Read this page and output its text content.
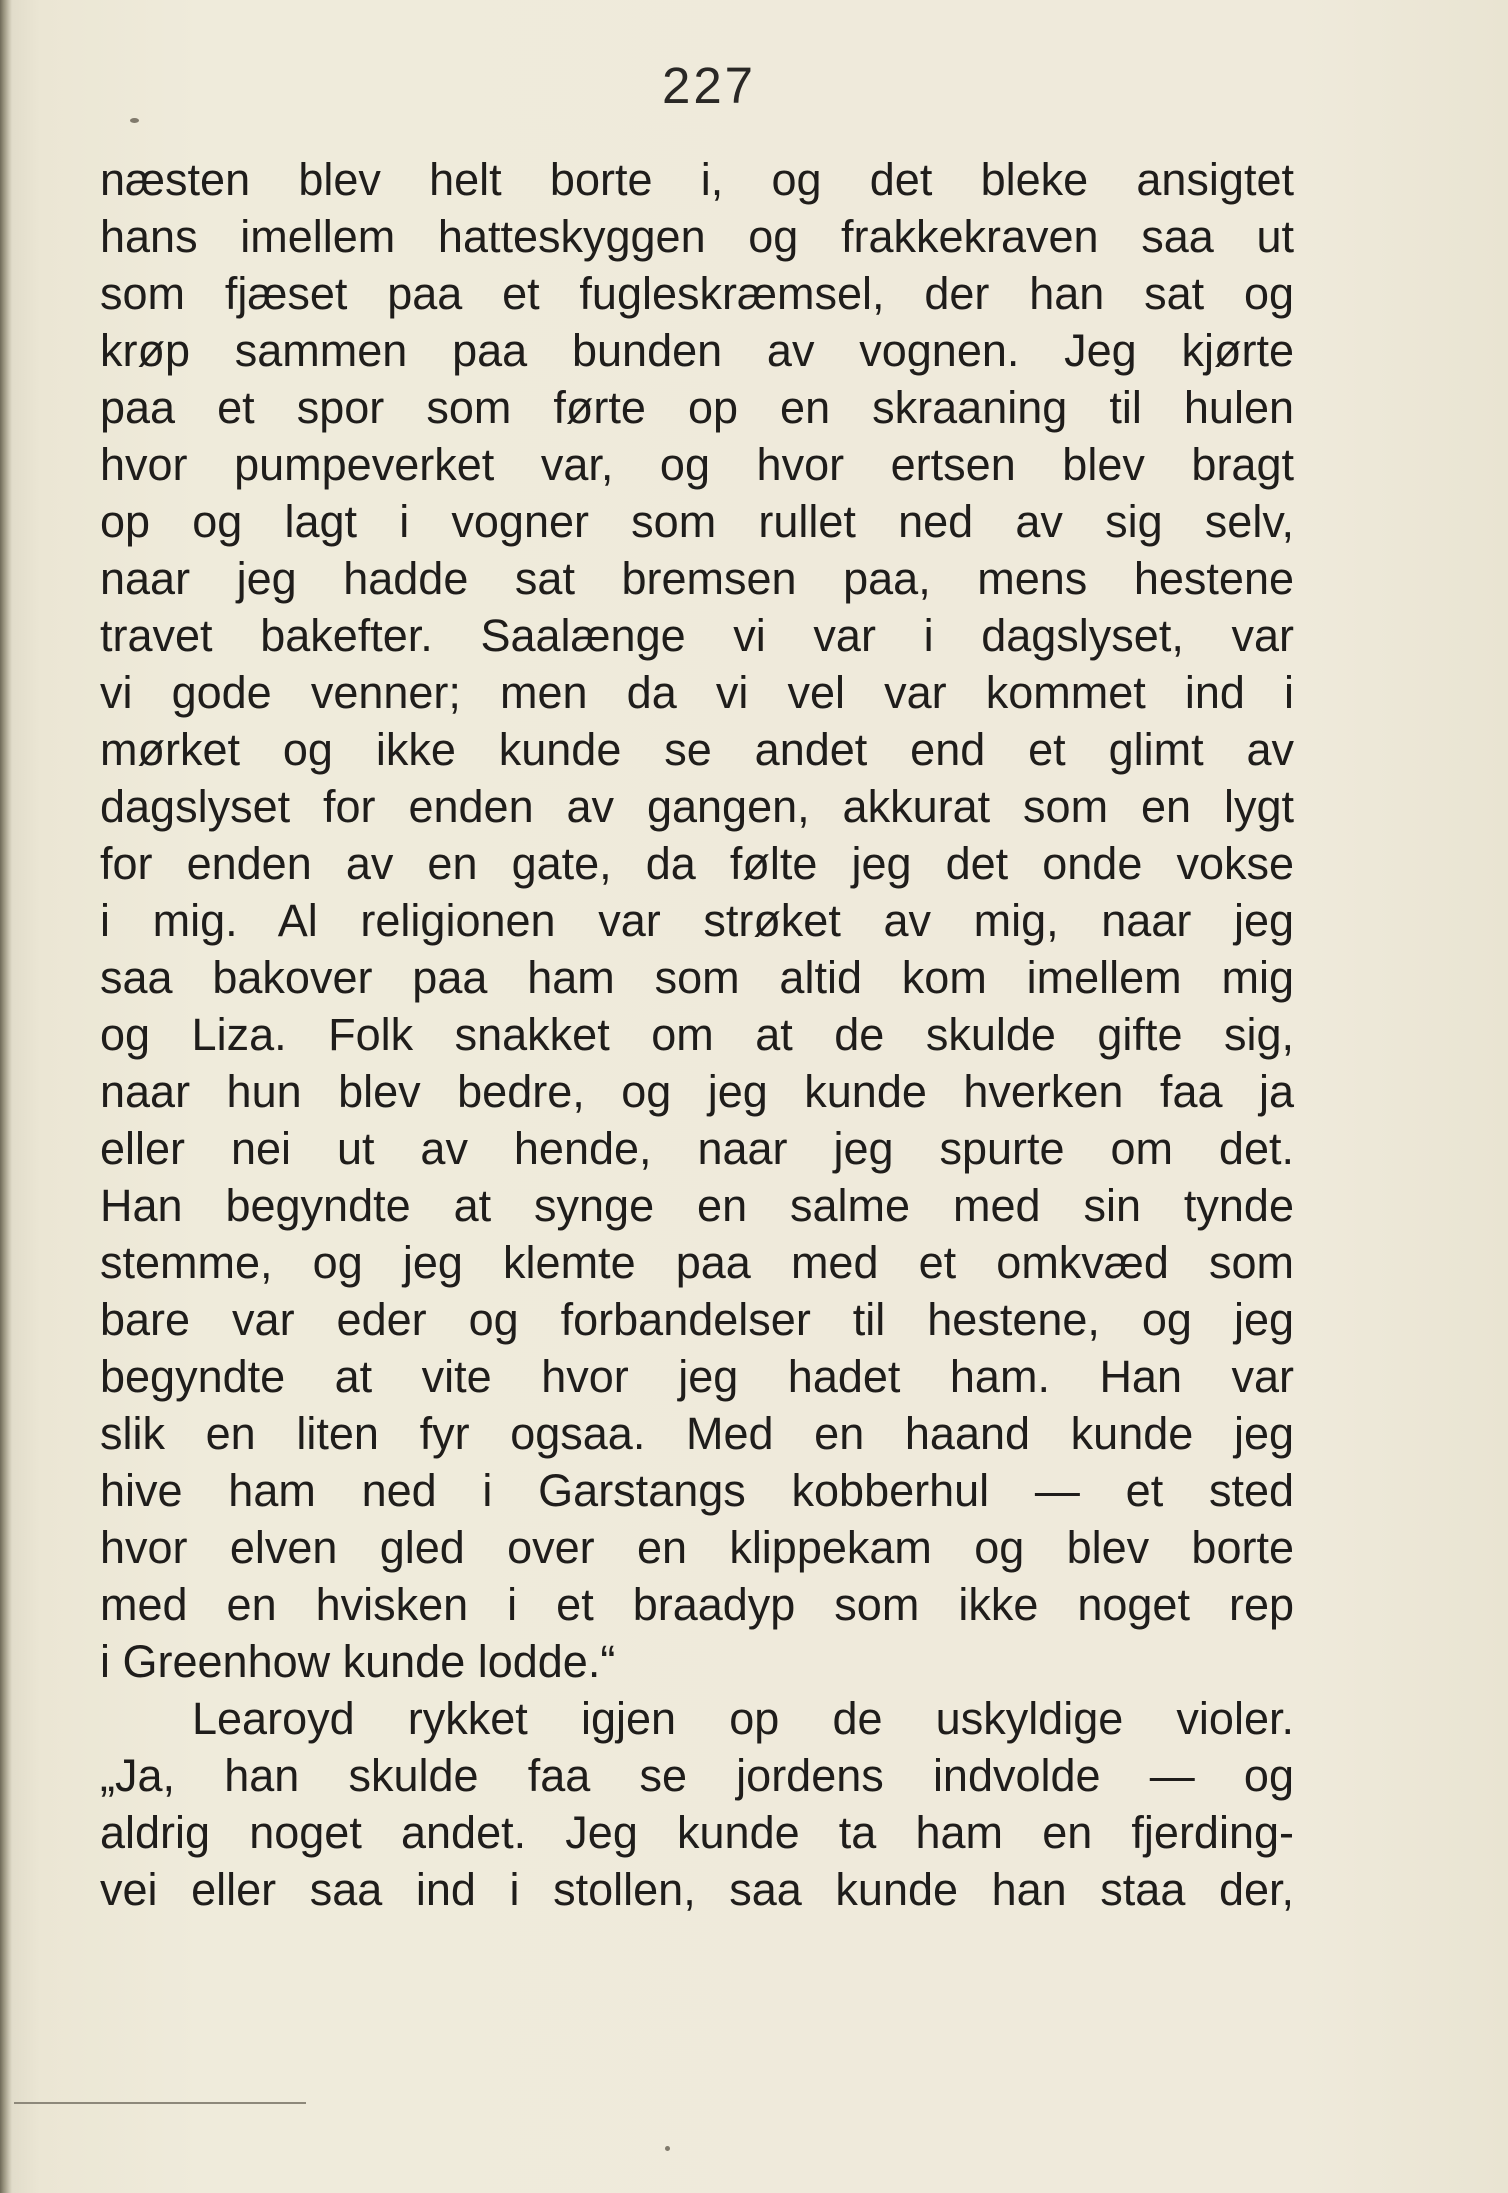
227
næsten blev helt borte i, og det bleke ansigtet
hans imellem hatteskyggen og frakkekraven saa ut
som fjæset paa et fugleskræmsel, der han sat og
krøp sammen paa bunden av vognen. Jeg kjørte
paa et spor som førte op en skraaning til hulen
hvor pumpeverket var, og hvor ertsen blev bragt
op og lagt i vogner som rullet ned av sig selv,
naar jeg hadde sat bremsen paa, mens hestene
travet bakefter. Saalænge vi var i dagslyset, var
vi gode venner; men da vi vel var kommet ind i
mørket og ikke kunde se andet end et glimt av
dagslyset for enden av gangen, akkurat som en lygt
for enden av en gate, da følte jeg det onde vokse
i mig. Al religionen var strøket av mig, naar jeg
saa bakover paa ham som altid kom imellem mig
og Liza. Folk snakket om at de skulde gifte sig,
naar hun blev bedre, og jeg kunde hverken faa ja
eller nei ut av hende, naar jeg spurte om det.
Han begyndte at synge en salme med sin tynde
stemme, og jeg klemte paa med et omkvæd som
bare var eder og forbandelser til hestene, og jeg
begyndte at vite hvor jeg hadet ham. Han var
slik en liten fyr ogsaa. Med en haand kunde jeg
hive ham ned i Garstangs kobberhul — et sted
hvor elven gled over en klippekam og blev borte
med en hvisken i et braadyp som ikke noget rep
i Greenhow kunde lodde.“
Learoyd rykket igjen op de uskyldige violer.
„Ja, han skulde faa se jordens indvolde — og
aldrig noget andet. Jeg kunde ta ham en fjerding-
vei eller saa ind i stollen, saa kunde han staa der,
